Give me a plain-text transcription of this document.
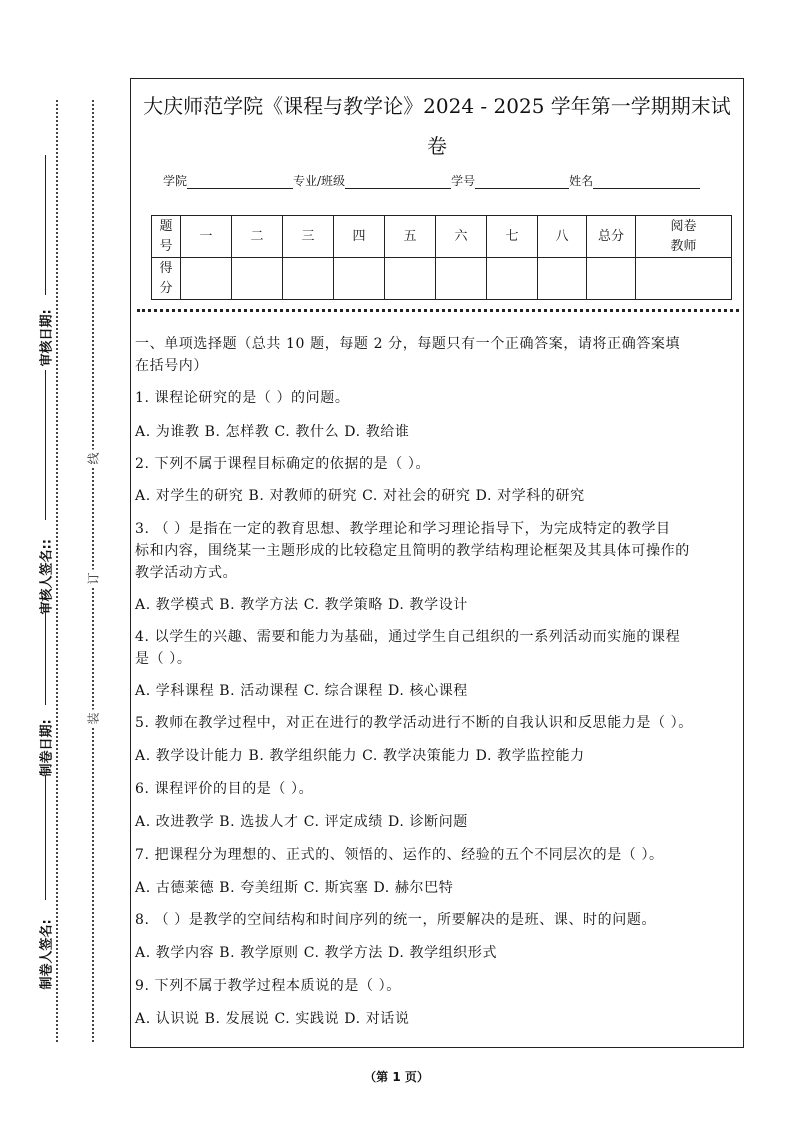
审核日期:
审核人签名::
制卷日期:
制卷人签名:
线
订
装
大庆师范学院《课程与教学论》2024 - 2025 学年第一学期期末试
卷
学院	专业/班级	学号	姓名
题
号	一	二	三	四	五	六	七	八	总分	阅卷
教师
得
分										
一、单项选择题（总共 10 题，每题 2 分，每题只有一个正确答案，请将正确答案填
在括号内）
1. 课程论研究的是（ ）的问题。
A. 为谁教 B. 怎样教 C. 教什么 D. 教给谁
2. 下列不属于课程目标确定的依据的是（ ）。
A. 对学生的研究 B. 对教师的研究 C. 对社会的研究 D. 对学科的研究
3. （ ）是指在一定的教育思想、教学理论和学习理论指导下，为完成特定的教学目
标和内容，围绕某一主题形成的比较稳定且简明的教学结构理论框架及其具体可操作的
教学活动方式。
A. 教学模式 B. 教学方法 C. 教学策略 D. 教学设计
4. 以学生的兴趣、需要和能力为基础，通过学生自己组织的一系列活动而实施的课程
是（ ）。
A. 学科课程 B. 活动课程 C. 综合课程 D. 核心课程
5. 教师在教学过程中，对正在进行的教学活动进行不断的自我认识和反思能力是（ ）。
A. 教学设计能力 B. 教学组织能力 C. 教学决策能力 D. 教学监控能力
6. 课程评价的目的是（ ）。
A. 改进教学 B. 选拔人才 C. 评定成绩 D. 诊断问题
7. 把课程分为理想的、正式的、领悟的、运作的、经验的五个不同层次的是（ ）。
A. 古德莱德 B. 夸美纽斯 C. 斯宾塞 D. 赫尔巴特
8. （ ）是教学的空间结构和时间序列的统一，所要解决的是班、课、时的问题。
A. 教学内容 B. 教学原则 C. 教学方法 D. 教学组织形式
9. 下列不属于教学过程本质说的是（ ）。
A. 认识说 B. 发展说 C. 实践说 D. 对话说
（第 1 页）
